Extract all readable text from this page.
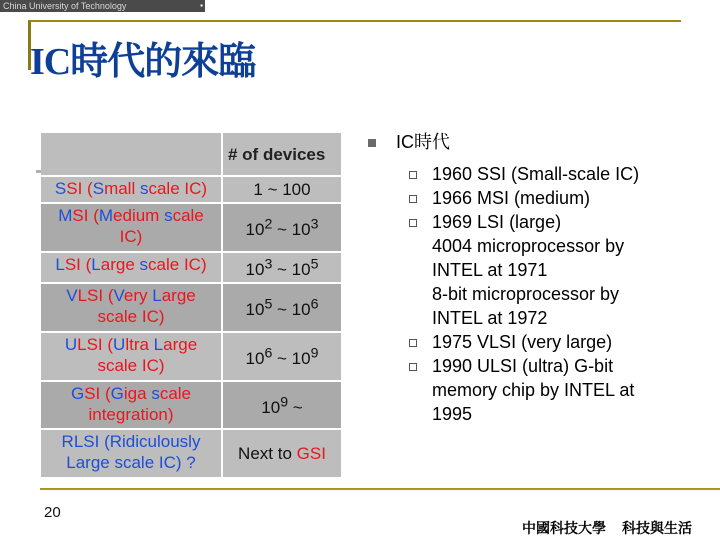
China University of Technology	▪
IC時代的來臨
	# of devices
SSI (Small scale IC)	1 ~ 100
MSI (Medium scale IC)	$10^2$ ~ $10^3$
LSI (Large scale IC)	$10^3$ ~ $10^5$
VLSI (Very Large scale IC)	$10^5$ ~ $10^6$
ULSI (Ultra Large scale IC)	$10^6$ ~ $10^9$
GSI (Giga scale integration)	$10^9$ ~
RLSI (Ridiculously Large scale IC) ?	Next to GSI
IC時代
1960 SSI (Small-scale IC)
1966 MSI (medium)
1969 LSI (large)
4004 microprocessor by
INTEL at 1971
8-bit microprocessor by
INTEL at 1972
1975 VLSI (very large)
1990 ULSI (ultra) G-bit
memory chip by INTEL at
1995
20
中國科技大學 科技與生活
